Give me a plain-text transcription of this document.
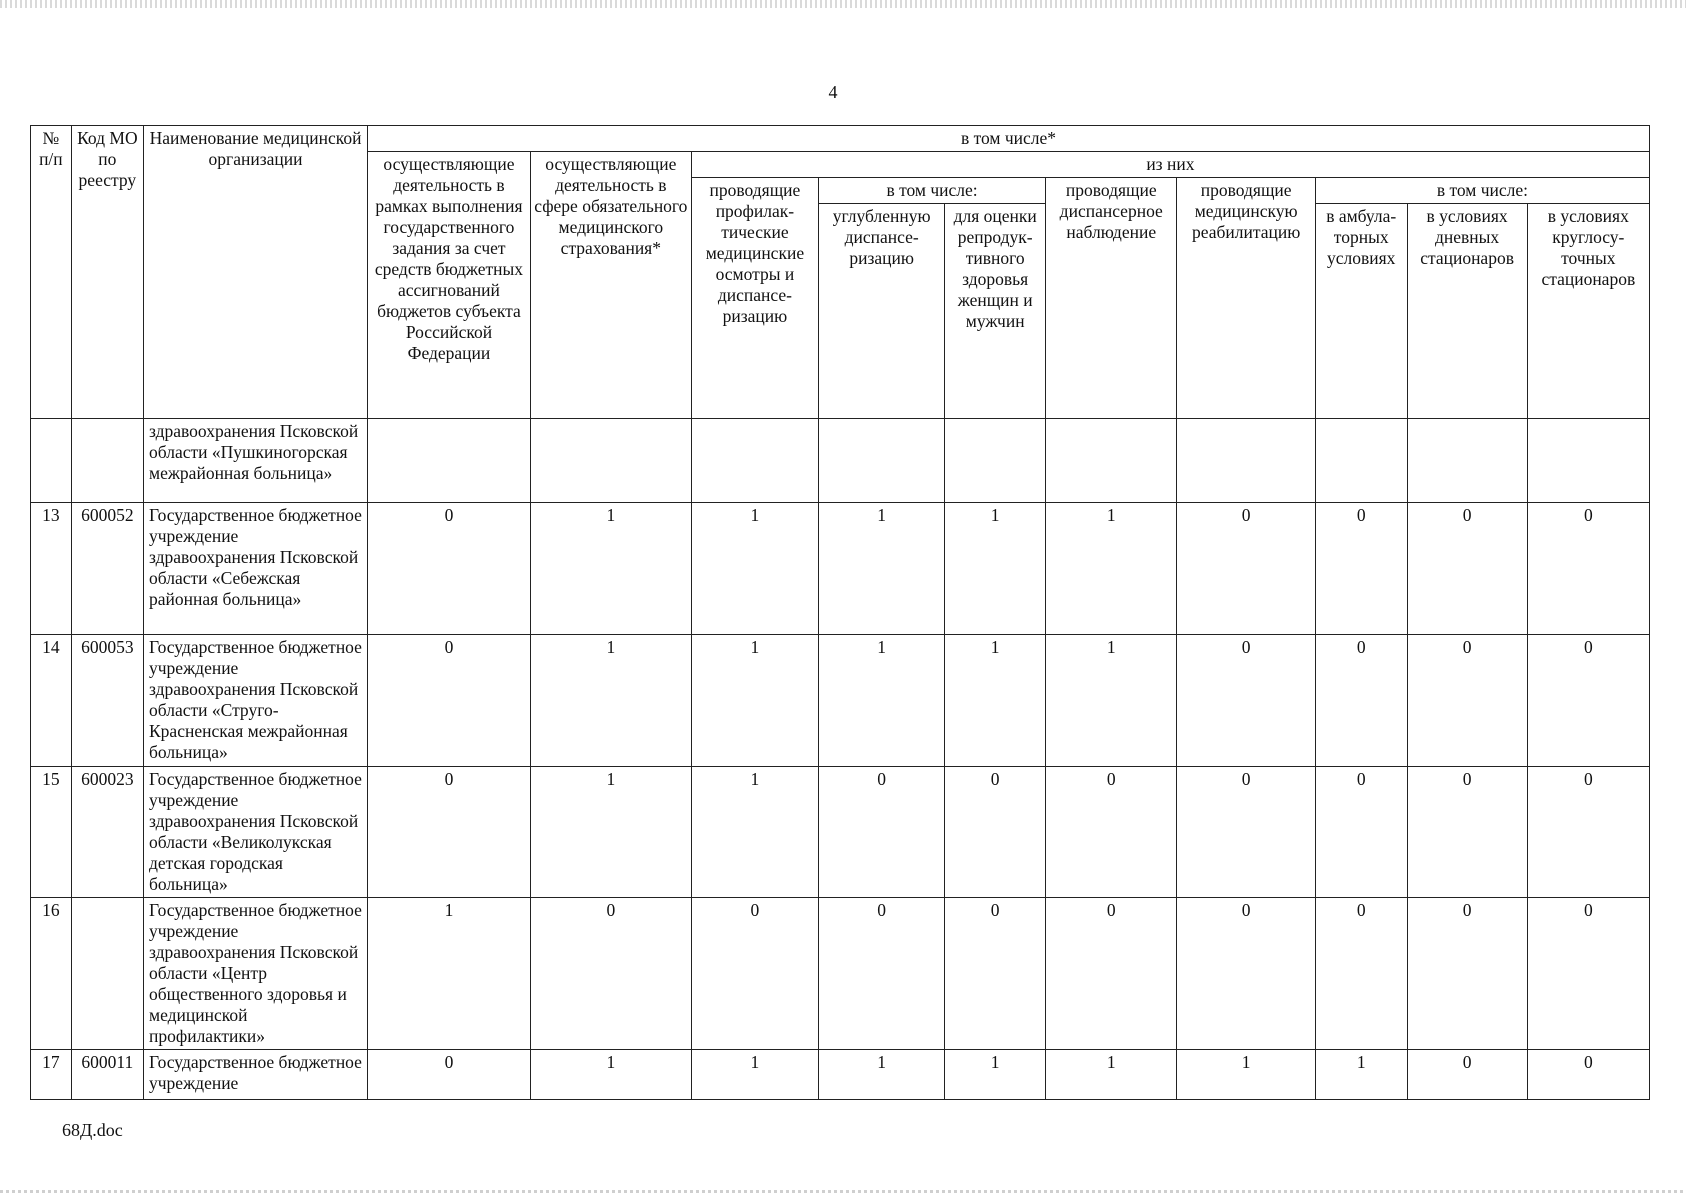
4
№ п/п	Код МО по реестру	Наименование медицинской организации	в том числе*									
			осуществляющие деятельность в рамках выполнения государственного задания за счет средств бюджетных ассигнований бюджетов субъекта Российской Федерации	осуществляющие деятельность в сфере обязательного медицинского страхования*	из них							
					проводящие профилак-тические медицинские осмотры и диспансе-ризацию	в том числе:		проводящие диспансерное наблюдение	проводящие медицинскую реабилитацию	в том числе:		
						углубленную диспансе-ризацию	для оценки репродук-тивного здоровья женщин и мужчин			в амбула-торных условиях	в условиях дневных стационаров	в условиях круглосу-точных стационаров
		здравоохранения Псковской области «Пушкиногорская межрайонная больница»										
13	600052	Государственное бюджетное учреждение здравоохранения Псковской области «Себежская районная больница»	0	1	1	1	1	1	0	0	0	0
14	600053	Государственное бюджетное учреждение здравоохранения Псковской области «Струго-Красненская межрайонная больница»	0	1	1	1	1	1	0	0	0	0
15	600023	Государственное бюджетное учреждение здравоохранения Псковской области «Великолукская детская городская больница»	0	1	1	0	0	0	0	0	0	0
16		Государственное бюджетное учреждение здравоохранения Псковской области «Центр общественного здоровья и медицинской профилактики»	1	0	0	0	0	0	0	0	0	0
17	600011	Государственное бюджетное учреждение	0	1	1	1	1	1	1	1	0	0
68Д.doc
